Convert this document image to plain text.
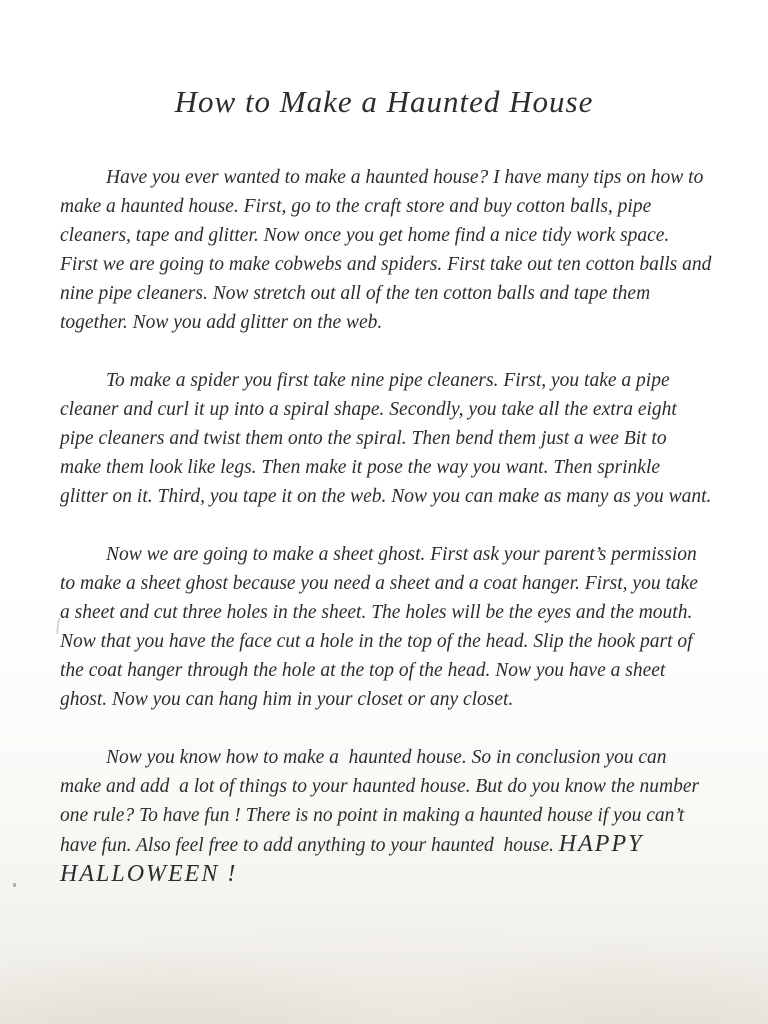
How to Make a Haunted House

Have you ever wanted to make a haunted house? I have many tips on how to make a haunted house. First, go to the craft store and buy cotton balls, pipe cleaners, tape and glitter. Now once you get home find a nice tidy work space. First we are going to make cobwebs and spiders. First take out ten cotton balls and nine pipe cleaners. Now stretch out all of the ten cotton balls and tape them together. Now you add glitter on the web.

To make a spider you first take nine pipe cleaners. First, you take a pipe cleaner and curl it up into a spiral shape. Secondly, you take all the extra eight pipe cleaners and twist them onto the spiral. Then bend them just a wee Bit to make them look like legs. Then make it pose the way you want. Then sprinkle glitter on it. Third, you tape it on the web. Now you can make as many as you want.

Now we are going to make a sheet ghost. First ask your parent’s permission to make a sheet ghost because you need a sheet and a coat hanger. First, you take a sheet and cut three holes in the sheet. The holes will be the eyes and the mouth. Now that you have the face cut a hole in the top of the head. Slip the hook part of the coat hanger through the hole at the top of the head. Now you have a sheet ghost. Now you can hang him in your closet or any closet.

Now you know how to make a  haunted house. So in conclusion you can make and add  a lot of things to your haunted house. But do you know the number one rule? To have fun ! There is no point in making a haunted house if you can’t have fun. Also feel free to add anything to your haunted  house. HAPPY HALLOWEEN !
